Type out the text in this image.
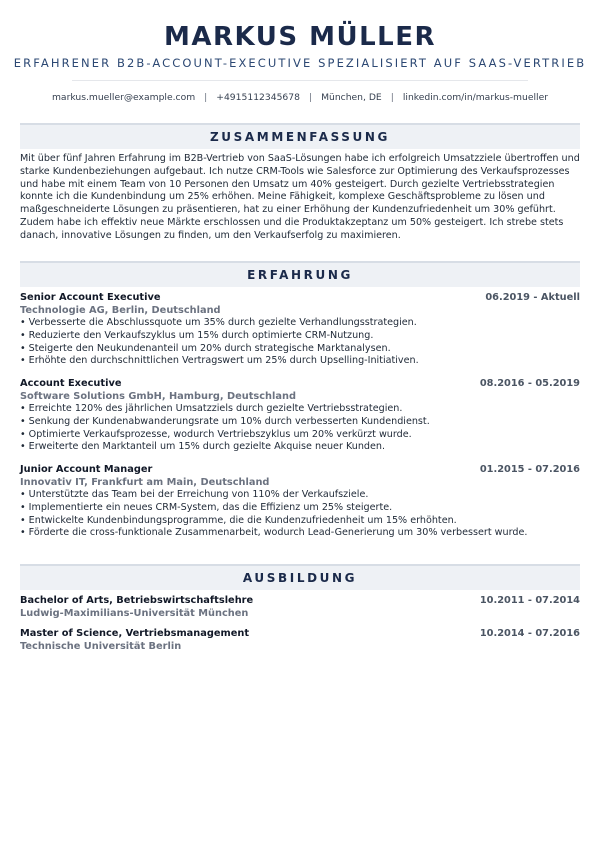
MARKUS MÜLLER
ERFAHRENER B2B-ACCOUNT-EXECUTIVE SPEZIALISIERT AUF SAAS-VERTRIEB
markus.mueller@example.com | +4915112345678 | München, DE | linkedin.com/in/markus-mueller
ZUSAMMENFASSUNG

Mit über fünf Jahren Erfahrung im B2B-Vertrieb von SaaS-Lösungen habe ich erfolgreich Umsatzziele übertroffen und starke Kundenbeziehungen aufgebaut. Ich nutze CRM-Tools wie Salesforce zur Optimierung des Verkaufsprozesses und habe mit einem Team von 10 Personen den Umsatz um 40% gesteigert. Durch gezielte Vertriebsstrategien konnte ich die Kundenbindung um 25% erhöhen. Meine Fähigkeit, komplexe Geschäftsprobleme zu lösen und maßgeschneiderte Lösungen zu präsentieren, hat zu einer Erhöhung der Kundenzufriedenheit um 30% geführt. Zudem habe ich effektiv neue Märkte erschlossen und die Produktakzeptanz um 50% gesteigert. Ich strebe stets danach, innovative Lösungen zu finden, um den Verkaufserfolg zu maximieren.

ERFAHRUNG
Senior Account Executive	06.2019 - Aktuell
Technologie AG, Berlin, Deutschland
• Verbesserte die Abschlussquote um 35% durch gezielte Verhandlungsstrategien.
• Reduzierte den Verkaufszyklus um 15% durch optimierte CRM-Nutzung.
• Steigerte den Neukundenanteil um 20% durch strategische Marktanalysen.
• Erhöhte den durchschnittlichen Vertragswert um 25% durch Upselling-Initiativen.
Account Executive	08.2016 - 05.2019
Software Solutions GmbH, Hamburg, Deutschland
• Erreichte 120% des jährlichen Umsatzziels durch gezielte Vertriebsstrategien.
• Senkung der Kundenabwanderungsrate um 10% durch verbesserten Kundendienst.
• Optimierte Verkaufsprozesse, wodurch Vertriebszyklus um 20% verkürzt wurde.
• Erweiterte den Marktanteil um 15% durch gezielte Akquise neuer Kunden.
Junior Account Manager	01.2015 - 07.2016
Innovativ IT, Frankfurt am Main, Deutschland
• Unterstützte das Team bei der Erreichung von 110% der Verkaufsziele.
• Implementierte ein neues CRM-System, das die Effizienz um 25% steigerte.
• Entwickelte Kundenbindungsprogramme, die die Kundenzufriedenheit um 15% erhöhten.
• Förderte die cross-funktionale Zusammenarbeit, wodurch Lead-Generierung um 30% verbessert wurde.
AUSBILDUNG
Bachelor of Arts, Betriebswirtschaftslehre	10.2011 - 07.2014
Ludwig-Maximilians-Universität München
Master of Science, Vertriebsmanagement	10.2014 - 07.2016
Technische Universität Berlin
